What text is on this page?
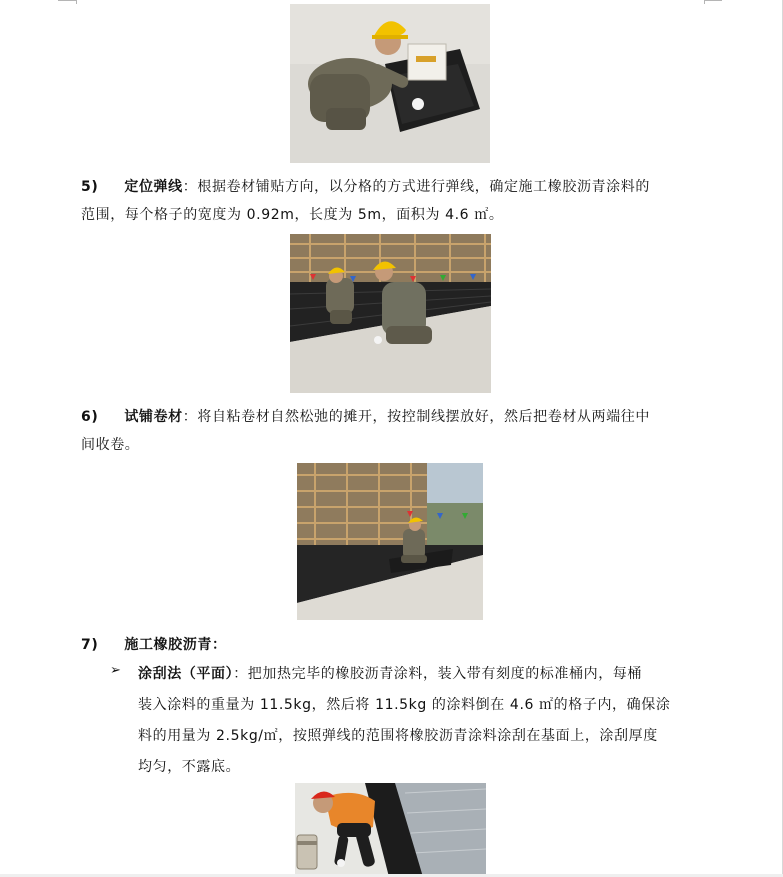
5) 定位弹线：根据卷材铺贴方向，以分格的方式进行弹线，确定施工橡胶沥青涂料的
范围，每个格子的宽度为 0.92m，长度为 5m，面积为 4.6 ㎡。
6) 试铺卷材：将自粘卷材自然松弛的摊开，按控制线摆放好，然后把卷材从两端往中
间收卷。
7) 施工橡胶沥青：
➢ 涂刮法（平面）：把加热完毕的橡胶沥青涂料，装入带有刻度的标准桶内，每桶
装入涂料的重量为 11.5kg，然后将 11.5kg 的涂料倒在 4.6 ㎡的格子内，确保涂
料的用量为 2.5kg/㎡，按照弹线的范围将橡胶沥青涂料涂刮在基面上，涂刮厚度
均匀，不露底。
